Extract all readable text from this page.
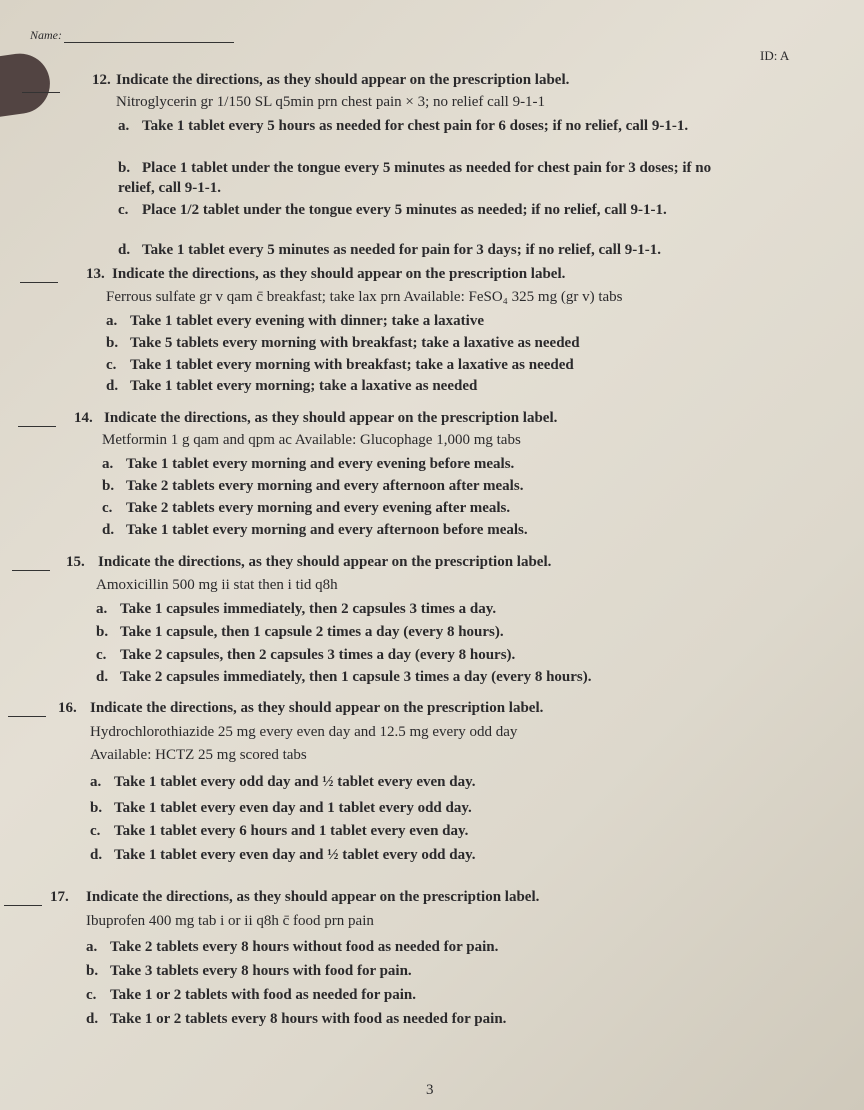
Name:
ID: A
12. Indicate the directions, as they should appear on the prescription label.
Nitroglycerin gr 1/150 SL q5min prn chest pain × 3; no relief call 9-1-1
a. Take 1 tablet every 5 hours as needed for chest pain for 6 doses; if no relief, call 9-1-1.
b. Place 1 tablet under the tongue every 5 minutes as needed for chest pain for 3 doses; if no relief, call 9-1-1.
c. Place 1/2 tablet under the tongue every 5 minutes as needed; if no relief, call 9-1-1.
d. Take 1 tablet every 5 minutes as needed for pain for 3 days; if no relief, call 9-1-1.
13. Indicate the directions, as they should appear on the prescription label.
Ferrous sulfate gr v qam c̄ breakfast; take lax prn Available: FeSO₄ 325 mg (gr v) tabs
a. Take 1 tablet every evening with dinner; take a laxative
b. Take 5 tablets every morning with breakfast; take a laxative as needed
c. Take 1 tablet every morning with breakfast; take a laxative as needed
d. Take 1 tablet every morning; take a laxative as needed
14. Indicate the directions, as they should appear on the prescription label.
Metformin 1 g qam and qpm ac Available: Glucophage 1,000 mg tabs
a. Take 1 tablet every morning and every evening before meals.
b. Take 2 tablets every morning and every afternoon after meals.
c. Take 2 tablets every morning and every evening after meals.
d. Take 1 tablet every morning and every afternoon before meals.
15. Indicate the directions, as they should appear on the prescription label.
Amoxicillin 500 mg ii stat then i tid q8h
a. Take 1 capsules immediately, then 2 capsules 3 times a day.
b. Take 1 capsule, then 1 capsule 2 times a day (every 8 hours).
c. Take 2 capsules, then 2 capsules 3 times a day (every 8 hours).
d. Take 2 capsules immediately, then 1 capsule 3 times a day (every 8 hours).
16. Indicate the directions, as they should appear on the prescription label.
Hydrochlorothiazide 25 mg every even day and 12.5 mg every odd day
Available: HCTZ 25 mg scored tabs
a. Take 1 tablet every odd day and ½ tablet every even day.
b. Take 1 tablet every even day and 1 tablet every odd day.
c. Take 1 tablet every 6 hours and 1 tablet every even day.
d. Take 1 tablet every even day and ½ tablet every odd day.
17. Indicate the directions, as they should appear on the prescription label.
Ibuprofen 400 mg tab i or ii q8h c̄ food prn pain
a. Take 2 tablets every 8 hours without food as needed for pain.
b. Take 3 tablets every 8 hours with food for pain.
c. Take 1 or 2 tablets with food as needed for pain.
d. Take 1 or 2 tablets every 8 hours with food as needed for pain.
3
